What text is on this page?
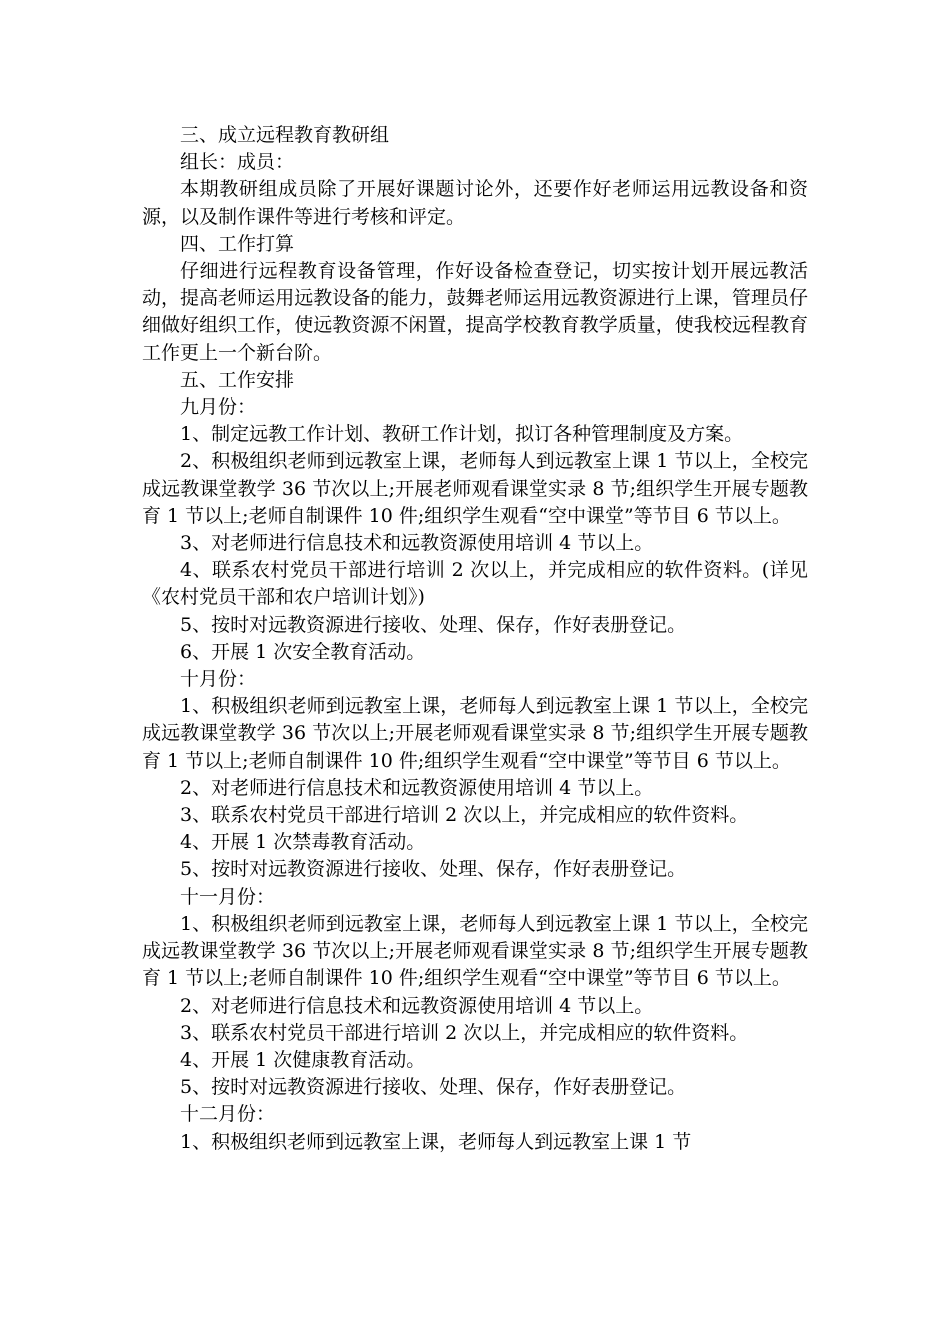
三、成立远程教育教研组

组长：成员：

本期教研组成员除了开展好课题讨论外，还要作好老师运用远教设备和资源，以及制作课件等进行考核和评定。

四、工作打算

仔细进行远程教育设备管理，作好设备检查登记，切实按计划开展远教活动，提高老师运用远教设备的能力，鼓舞老师运用远教资源进行上课，管理员仔细做好组织工作，使远教资源不闲置，提高学校教育教学质量，使我校远程教育工作更上一个新台阶。

五、工作安排

九月份：

1、制定远教工作计划、教研工作计划，拟订各种管理制度及方案。

2、积极组织老师到远教室上课，老师每人到远教室上课 1 节以上，全校完成远教课堂教学 36 节次以上;开展老师观看课堂实录 8 节;组织学生开展专题教育 1 节以上;老师自制课件 10 件;组织学生观看“空中课堂”等节目 6 节以上。

3、对老师进行信息技术和远教资源使用培训 4 节以上。

4、联系农村党员干部进行培训 2 次以上，并完成相应的软件资料。(详见《农村党员干部和农户培训计划》)

5、按时对远教资源进行接收、处理、保存，作好表册登记。

6、开展 1 次安全教育活动。

十月份：

1、积极组织老师到远教室上课，老师每人到远教室上课 1 节以上，全校完成远教课堂教学 36 节次以上;开展老师观看课堂实录 8 节;组织学生开展专题教育 1 节以上;老师自制课件 10 件;组织学生观看“空中课堂”等节目 6 节以上。

2、对老师进行信息技术和远教资源使用培训 4 节以上。

3、联系农村党员干部进行培训 2 次以上，并完成相应的软件资料。

4、开展 1 次禁毒教育活动。

5、按时对远教资源进行接收、处理、保存，作好表册登记。

十一月份：

1、积极组织老师到远教室上课，老师每人到远教室上课 1 节以上，全校完成远教课堂教学 36 节次以上;开展老师观看课堂实录 8 节;组织学生开展专题教育 1 节以上;老师自制课件 10 件;组织学生观看“空中课堂”等节目 6 节以上。

2、对老师进行信息技术和远教资源使用培训 4 节以上。

3、联系农村党员干部进行培训 2 次以上，并完成相应的软件资料。

4、开展 1 次健康教育活动。

5、按时对远教资源进行接收、处理、保存，作好表册登记。

十二月份：

1、积极组织老师到远教室上课，老师每人到远教室上课 1 节
